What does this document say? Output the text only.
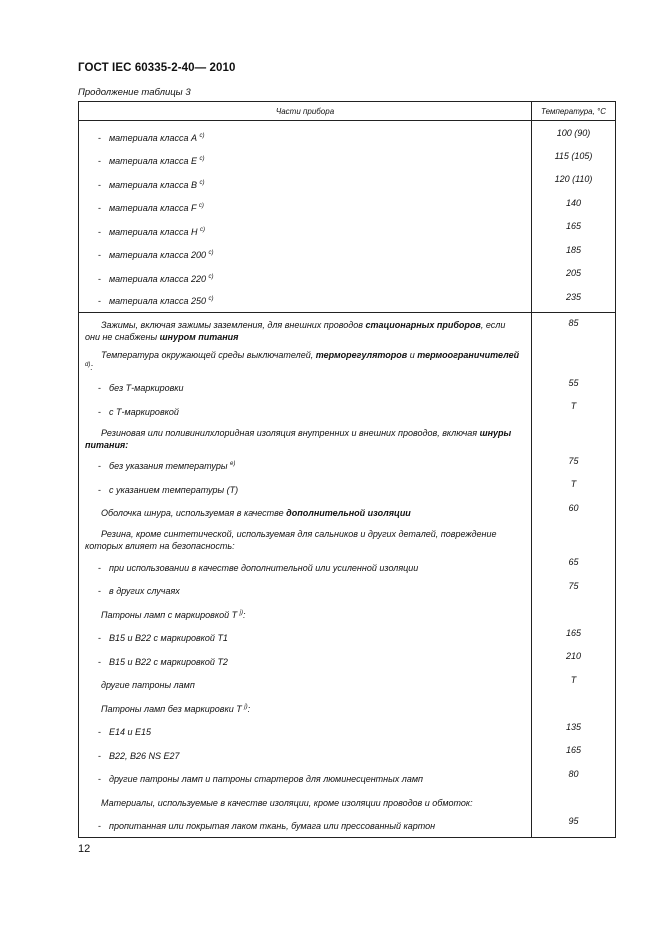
ГОСТ IEC 60335-2-40— 2010
Продолжение таблицы 3
Части прибора	Температура, °С
- материала класса А $^{c)}$	100 (90)
- материала класса Е $^{c)}$	115 (105)
- материала класса В $^{c)}$	120 (110)
- материала класса F $^{c)}$	140
- материала класса Н $^{c)}$	165
- материала класса 200 $^{c)}$	185
- материала класса 220 $^{c)}$	205
- материала класса 250 $^{c)}$	235
Зажимы, включая зажимы заземления, для внешних проводов стационарных приборов, если они не снабжены шнуром питания	85
Температура окружающей среды выключателей, терморегуляторов и термоограничителей $^{d)}$:	
- без Т-маркировки	55
- с Т-маркировкой	T
Резиновая или поливинилхлоридная изоляция внутренних и внешних проводов, включая шнуры питания:	
- без указания температуры $^{e)}$	75
- с указанием температуры (Т)	T
Оболочка шнура, используемая в качестве дополнительной изоляции	60
Резина, кроме синтетической, используемая для сальников и других деталей, повреждение которых влияет на безопасность:	
- при использовании в качестве дополнительной или усиленной изоляции	65
- в других случаях	75
Патроны ламп с маркировкой Т $^{j)}$:	
- В15 и В22 с маркировкой Т1	165
- В15 и В22 с маркировкой Т2	210
другие патроны ламп	T
Патроны ламп без маркировки Т $^{j)}$:	
- Е14 и Е15	135
- В22, В26 NS Е27	165
- другие патроны ламп и патроны стартеров для люминесцентных ламп	80
Материалы, используемые в качестве изоляции, кроме изоляции проводов и обмоток:	
- пропитанная или покрытая лаком ткань, бумага или прессованный картон	95
12
